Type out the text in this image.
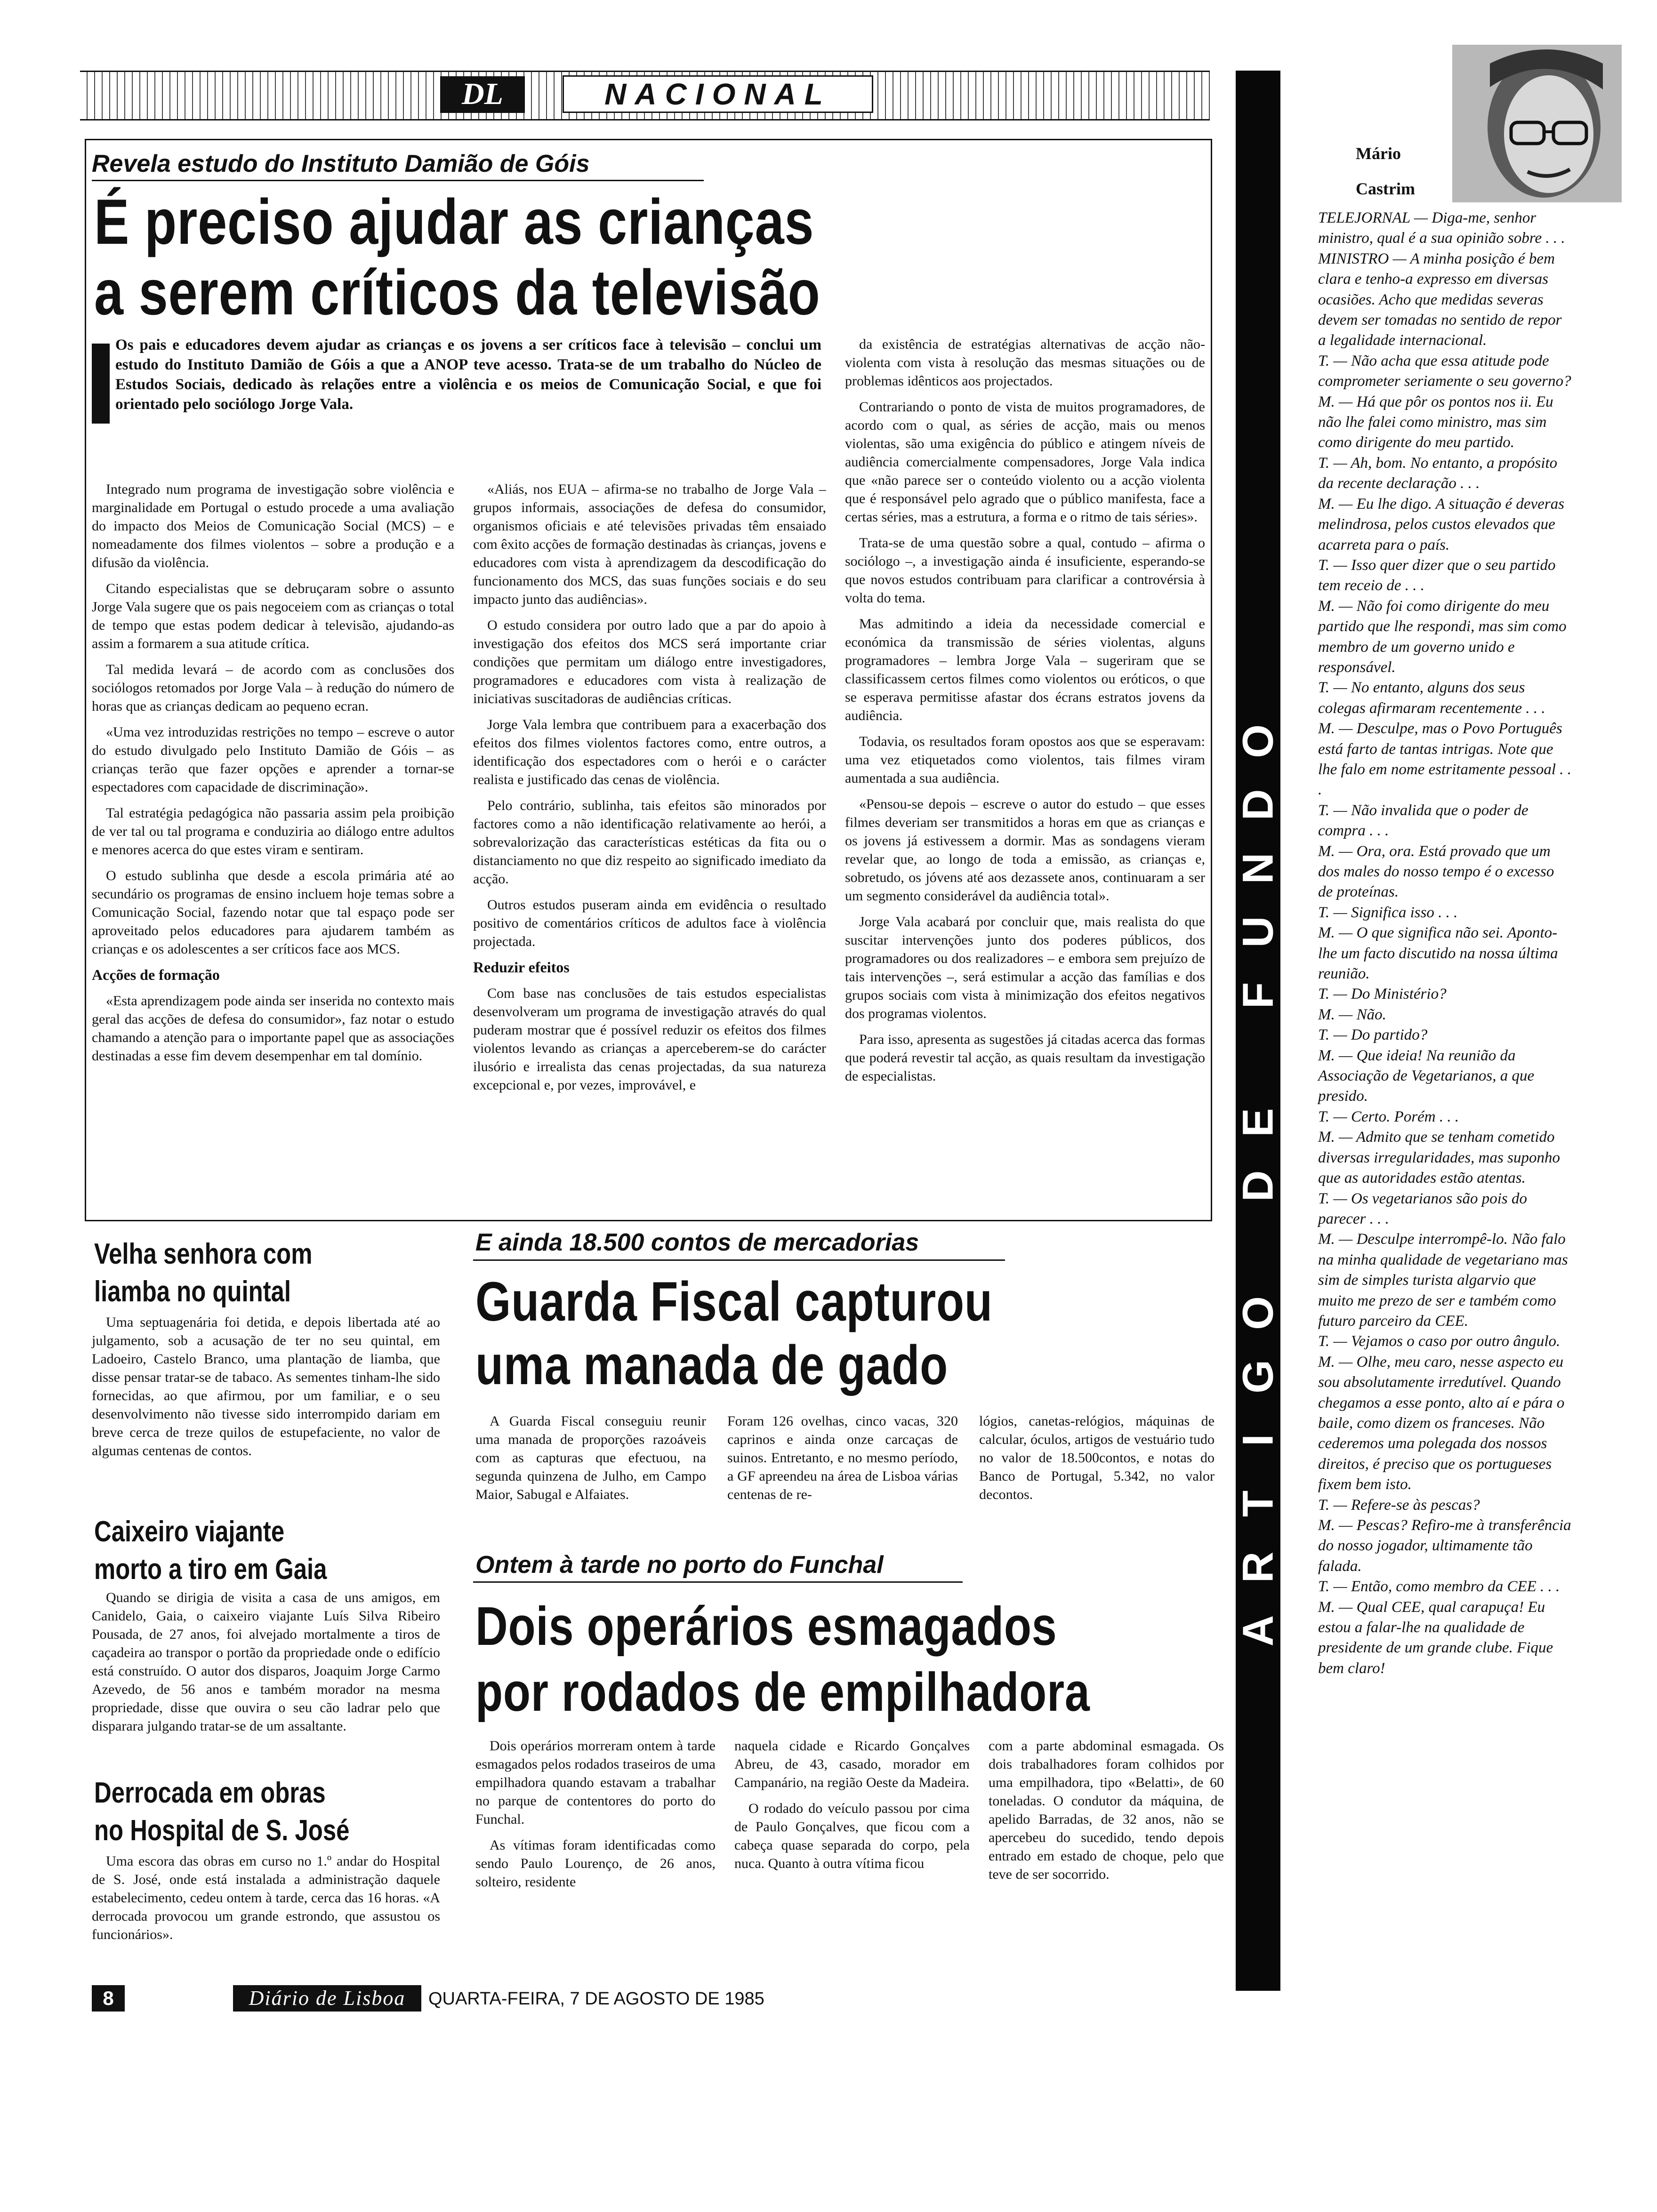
DL	NACIONAL
Revela estudo do Instituto Damião de Góis
É preciso ajudar as crianças
a serem críticos da televisão
Os pais e educadores devem ajudar as crianças e os jovens a ser críticos face à televisão – conclui um estudo do Instituto Damião de Góis a que a ANOP teve acesso. Trata-se de um trabalho do Núcleo de Estudos Sociais, dedicado às relações entre a violência e os meios de Comunicação Social, e que foi orientado pelo sociólogo Jorge Vala.

Integrado num programa de investigação sobre violência e marginalidade em Portugal o estudo procede a uma avaliação do impacto dos Meios de Comunicação Social (MCS) – e nomeadamente dos filmes violentos – sobre a produção e a difusão da violência.

Citando especialistas que se debruçaram sobre o assunto Jorge Vala sugere que os pais negoceiem com as crianças o total de tempo que estas podem dedicar à televisão, ajudando-as assim a formarem a sua atitude crítica.

Tal medida levará – de acordo com as conclusões dos sociólogos retomados por Jorge Vala – à redução do número de horas que as crianças dedicam ao pequeno ecran.

«Uma vez introduzidas restrições no tempo – escreve o autor do estudo divulgado pelo Instituto Damião de Góis – as crianças terão que fazer opções e aprender a tornar-se espectadores com capacidade de discriminação».

Tal estratégia pedagógica não passaria assim pela proibição de ver tal ou tal programa e conduziria ao diálogo entre adultos e menores acerca do que estes viram e sentiram.

O estudo sublinha que desde a escola primária até ao secundário os programas de ensino incluem hoje temas sobre a Comunicação Social, fazendo notar que tal espaço pode ser aproveitado pelos educadores para ajudarem também as crianças e os adolescentes a ser críticos face aos MCS.

Acções de formação

«Esta aprendizagem pode ainda ser inserida no contexto mais geral das acções de defesa do consumidor», faz notar o estudo chamando a atenção para o importante papel que as associações destinadas a esse fim devem desempenhar em tal domínio.

«Aliás, nos EUA – afirma-se no trabalho de Jorge Vala – grupos informais, associações de defesa do consumidor, organismos oficiais e até televisões privadas têm ensaiado com êxito acções de formação destinadas às crianças, jovens e educadores com vista à aprendizagem da descodificação do funcionamento dos MCS, das suas funções sociais e do seu impacto junto das audiências».

O estudo considera por outro lado que a par do apoio à investigação dos efeitos dos MCS será importante criar condições que permitam um diálogo entre investigadores, programadores e educadores com vista à realização de iniciativas suscitadoras de audiências críticas.

Jorge Vala lembra que contribuem para a exacerbação dos efeitos dos filmes violentos factores como, entre outros, a identificação dos espectadores com o herói e o carácter realista e justificado das cenas de violência.

Pelo contrário, sublinha, tais efeitos são minorados por factores como a não identificação relativamente ao herói, a sobrevalorização das características estéticas da fita ou o distanciamento no que diz respeito ao significado imediato da acção.

Outros estudos puseram ainda em evidência o resultado positivo de comentários críticos de adultos face à violência projectada.

Reduzir efeitos

Com base nas conclusões de tais estudos especialistas desenvolveram um programa de investigação através do qual puderam mostrar que é possível reduzir os efeitos dos filmes violentos levando as crianças a aperceberem-se do carácter ilusório e irrealista das cenas projectadas, da sua natureza excepcional e, por vezes, improvável, e

da existência de estratégias alternativas de acção não-violenta com vista à resolução das mesmas situações ou de problemas idênticos aos projectados.

Contrariando o ponto de vista de muitos programadores, de acordo com o qual, as séries de acção, mais ou menos violentas, são uma exigência do público e atingem níveis de audiência comercialmente compensadores, Jorge Vala indica que «não parece ser o conteúdo violento ou a acção violenta que é responsável pelo agrado que o público manifesta, face a certas séries, mas a estrutura, a forma e o ritmo de tais séries».

Trata-se de uma questão sobre a qual, contudo – afirma o sociólogo –, a investigação ainda é insuficiente, esperando-se que novos estudos contribuam para clarificar a controvérsia à volta do tema.

Mas admitindo a ideia da necessidade comercial e económica da transmissão de séries violentas, alguns programadores – lembra Jorge Vala – sugeriram que se classificassem certos filmes como violentos ou eróticos, o que se esperava permitisse afastar dos écrans estratos jovens da audiência.

Todavia, os resultados foram opostos aos que se esperavam: uma vez etiquetados como violentos, tais filmes viram aumentada a sua audiência.

«Pensou-se depois – escreve o autor do estudo – que esses filmes deveriam ser transmitidos a horas em que as crianças e os jovens já estivessem a dormir. Mas as sondagens vieram revelar que, ao longo de toda a emissão, as crianças e, sobretudo, os jóvens até aos dezassete anos, continuaram a ser um segmento considerável da audiência total».

Jorge Vala acabará por concluir que, mais realista do que suscitar intervenções junto dos poderes públicos, dos programadores ou dos realizadores – e embora sem prejuízo de tais intervenções –, será estimular a acção das famílias e dos grupos sociais com vista à minimização dos efeitos negativos dos programas violentos.

Para isso, apresenta as sugestões já citadas acerca das formas que poderá revestir tal acção, as quais resultam da investigação de especialistas.

Velha senhora com
liamba no quintal
Uma septuagenária foi detida, e depois libertada até ao julgamento, sob a acusação de ter no seu quintal, em Ladoeiro, Castelo Branco, uma plantação de liamba, que disse pensar tratar-se de tabaco. As sementes tinham-lhe sido fornecidas, ao que afirmou, por um familiar, e o seu desenvolvimento não tivesse sido interrompido dariam em breve cerca de treze quilos de estupefaciente, no valor de algumas centenas de contos.
Caixeiro viajante
morto a tiro em Gaia
Quando se dirigia de visita a casa de uns amigos, em Canidelo, Gaia, o caixeiro viajante Luís Silva Ribeiro Pousada, de 27 anos, foi alvejado mortalmente a tiros de caçadeira ao transpor o portão da propriedade onde o edifício está construído. O autor dos disparos, Joaquim Jorge Carmo Azevedo, de 56 anos e também morador na mesma propriedade, disse que ouvira o seu cão ladrar pelo que disparara julgando tratar-se de um assaltante.
Derrocada em obras
no Hospital de S. José
Uma escora das obras em curso no 1.º andar do Hospital de S. José, onde está instalada a administração daquele estabelecimento, cedeu ontem à tarde, cerca das 16 horas. «A derrocada provocou um grande estrondo, que assustou os funcionários».
E ainda 18.500 contos de mercadorias
Guarda Fiscal capturou
uma manada de gado
A Guarda Fiscal conseguiu reunir uma manada de proporções razoáveis com as capturas que efectuou, na segunda quinzena de Julho, em Campo Maior, Sabugal e Alfaiates.
Foram 126 ovelhas, cinco vacas, 320 caprinos e ainda onze carcaças de suinos. Entretanto, e no mesmo período, a GF apreendeu na área de Lisboa várias centenas de re-
lógios, canetas-relógios, máquinas de calcular, óculos, artigos de vestuário tudo no valor de 18.500contos, e notas do Banco de Portugal, 5.342, no valor decontos.
Ontem à tarde no porto do Funchal
Dois operários esmagados
por rodados de empilhadora

Dois operários morreram ontem à tarde esmagados pelos rodados traseiros de uma empilhadora quando estavam a trabalhar no parque de contentores do porto do Funchal.

As vítimas foram identificadas como sendo Paulo Lourenço, de 26 anos, solteiro, residente

naquela cidade e Ricardo Gonçalves Abreu, de 43, casado, morador em Campanário, na região Oeste da Madeira.

O rodado do veículo passou por cima de Paulo Gonçalves, que ficou com a cabeça quase separada do corpo, pela nuca. Quanto à outra vítima ficou

com a parte abdominal esmagada. Os dois trabalhadores foram colhidos por uma empilhadora, tipo «Belatti», de 60 toneladas. O condutor da máquina, de apelido Barradas, de 32 anos, não se apercebeu do sucedido, tendo depois entrado em estado de choque, pelo que teve de ser socorrido.

A
R
T
I
G
O
D
E
F
U
N
D
O
Mário
Castrim
TELEJORNAL — Diga-me, senhor ministro, qual é a sua opinião sobre . . .
MINISTRO — A minha posição é bem clara e tenho-a expresso em diversas ocasiões. Acho que medidas severas devem ser tomadas no sentido de repor a legalidade internacional.
T. — Não acha que essa atitude pode comprometer seriamente o seu governo?
M. — Há que pôr os pontos nos ii. Eu não lhe falei como ministro, mas sim como dirigente do meu partido.
T. — Ah, bom. No entanto, a propósito da recente declaração . . .
M. — Eu lhe digo. A situação é deveras melindrosa, pelos custos elevados que acarreta para o país.
T. — Isso quer dizer que o seu partido tem receio de . . .
M. — Não foi como dirigente do meu partido que lhe respondi, mas sim como membro de um governo unido e responsável.
T. — No entanto, alguns dos seus colegas afirmaram recentemente . . .
M. — Desculpe, mas o Povo Português está farto de tantas intrigas. Note que lhe falo em nome estritamente pessoal . . .
T. — Não invalida que o poder de compra . . .
M. — Ora, ora. Está provado que um dos males do nosso tempo é o excesso de proteínas.
T. — Significa isso . . .
M. — O que significa não sei. Aponto-lhe um facto discutido na nossa última reunião.
T. — Do Ministério?
M. — Não.
T. — Do partido?
M. — Que ideia! Na reunião da Associação de Vegetarianos, a que presido.
T. — Certo. Porém . . .
M. — Admito que se tenham cometido diversas irregularidades, mas suponho que as autoridades estão atentas.
T. — Os vegetarianos são pois do parecer . . .
M. — Desculpe interrompê-lo. Não falo na minha qualidade de vegetariano mas sim de simples turista algarvio que muito me prezo de ser e também como futuro parceiro da CEE.
T. — Vejamos o caso por outro ângulo.
M. — Olhe, meu caro, nesse aspecto eu sou absolutamente irredutível. Quando chegamos a esse ponto, alto aí e pára o baile, como dizem os franceses. Não cederemos uma polegada dos nossos direitos, é preciso que os portugueses fixem bem isto.
T. — Refere-se às pescas?
M. — Pescas? Refiro-me à transferência do nosso jogador, ultimamente tão falada.
T. — Então, como membro da CEE . . .
M. — Qual CEE, qual carapuça! Eu estou a falar-lhe na qualidade de presidente de um grande clube. Fique bem claro!
8	Diário de Lisboa	QUARTA-FEIRA, 7 DE AGOSTO DE 1985
